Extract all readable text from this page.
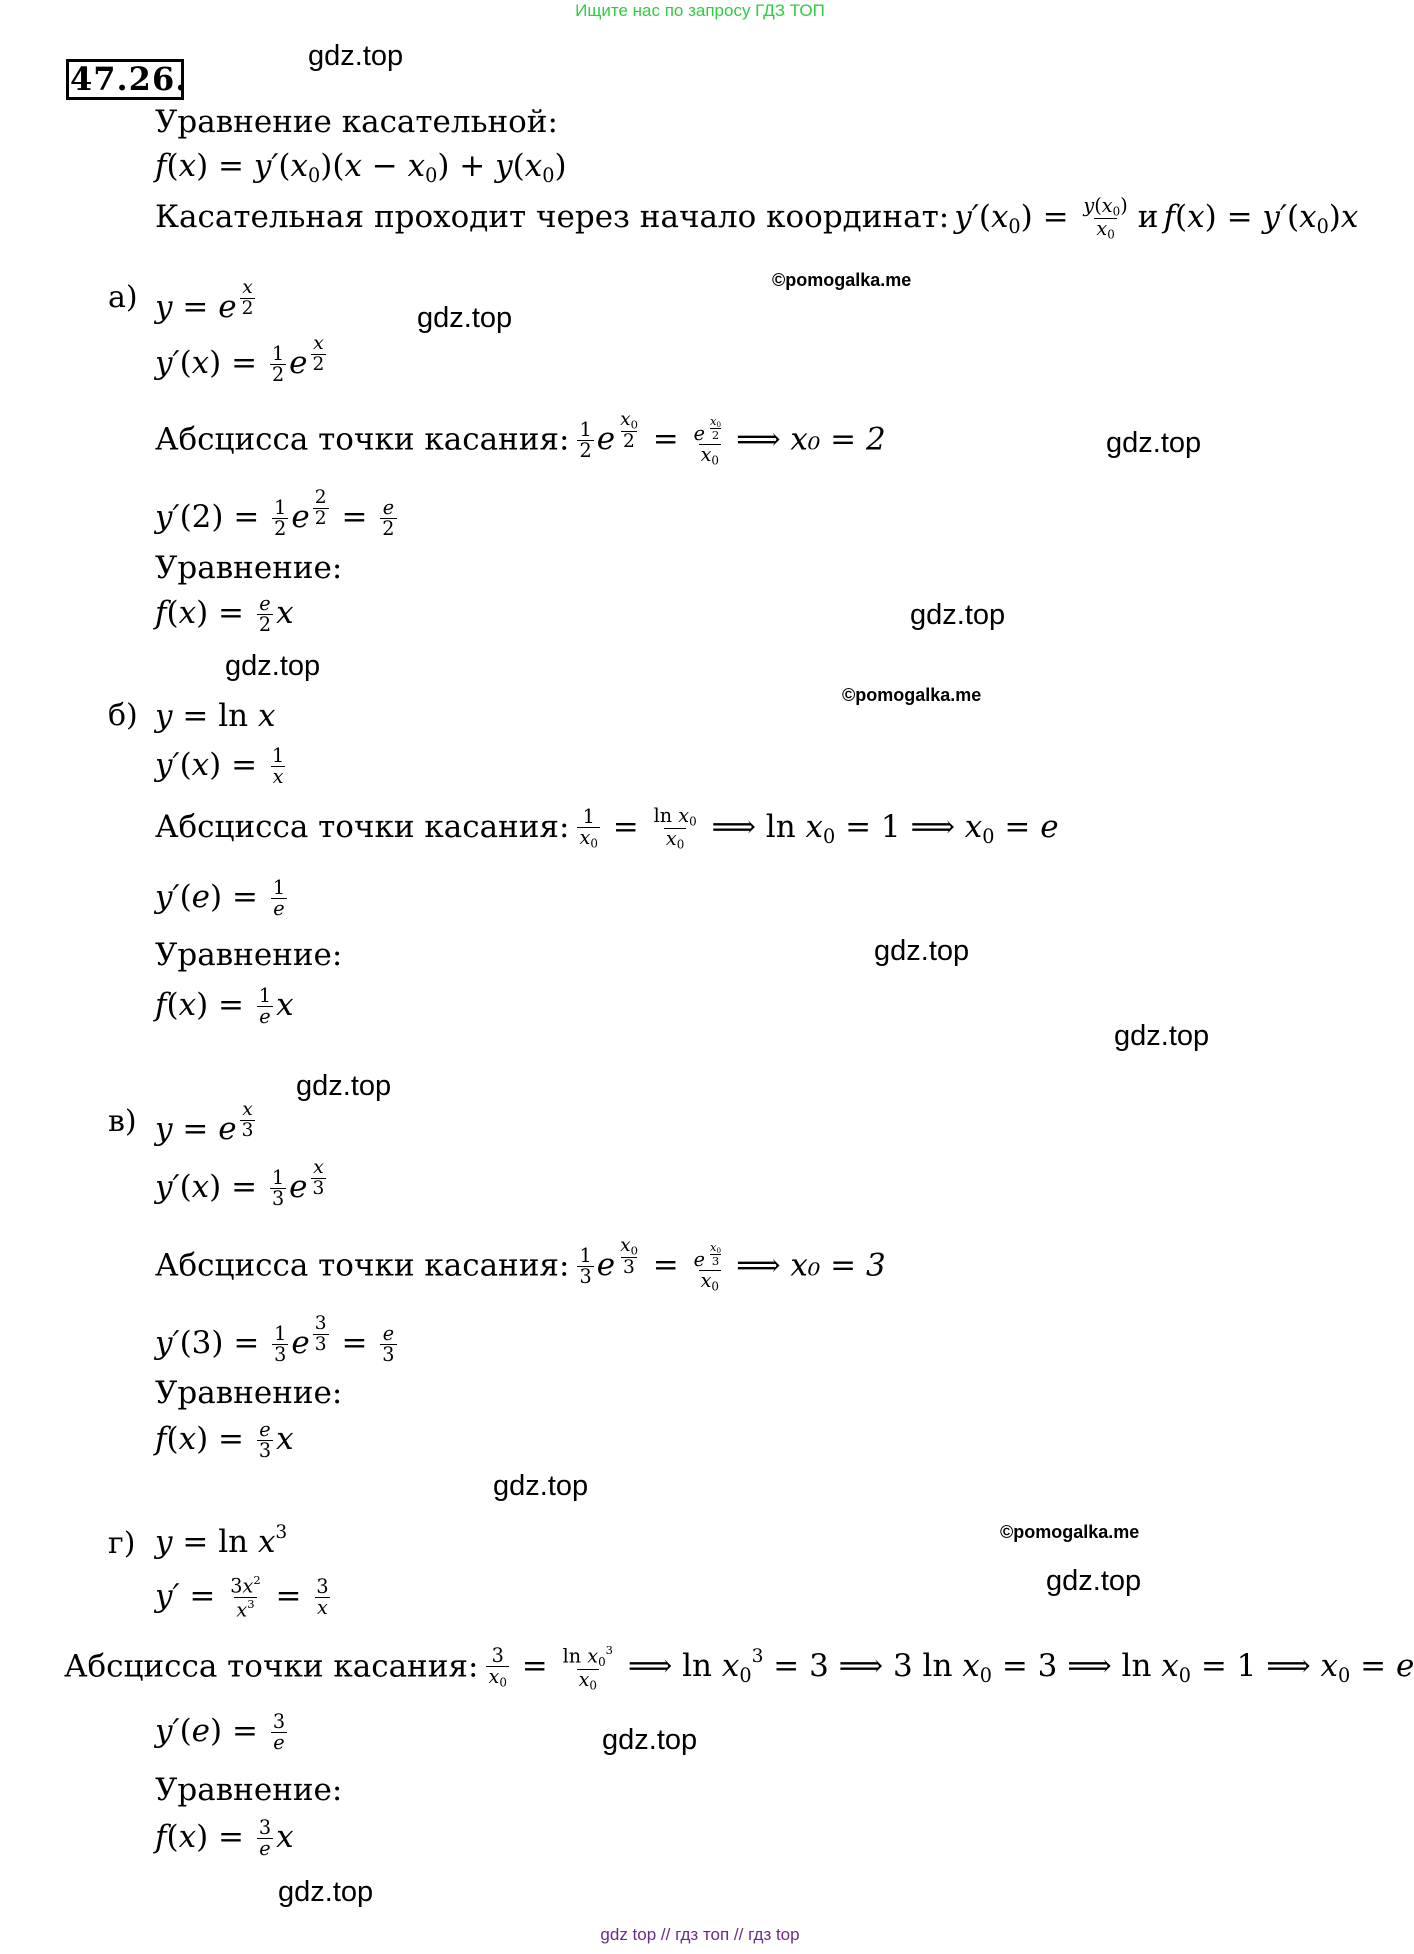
Ищите нас по запросу ГДЗ ТОП
47.26.
gdz.top
Уравнение касательной:
$f(x) = y'(x_0)(x - x_0) + y(x_0)$
Касательная проходит через начало координат: $y'(x_0) = \frac{y(x_0)}{x_0}$ и $f(x) = y'(x_0)x$
©pomogalka.me
а) y = e $^{\frac{x}{2}}$	gdz.top
$y'(x) = \frac{1}{2}$ e $^{\frac{x}{2}}$
Абсцисса точки касания: $\frac{1}{2}$ e $^{\frac{x_0}{2}}$ = e $^{\frac{x_0}{2}}$
$x_0$ ⟹ x₀ = 2	gdz.top
$y'(2) = \frac{1}{2}$ e $^{\frac{2}{2}} = \frac{e}{2}$
Уравнение:
$f(x) = \frac{e}{2}$ x	gdz.top
gdz.top
©pomogalka.me
б) y = ln x
$y'(x) = \frac{1}{x}$
Абсцисса точки касания: $\frac{1}{x_0} = \frac{\ln x_0}{x_0}$ ⟹ $\ln x_0 = 1$ ⟹ $x_0 = e$
$y'(e) = \frac{1}{e}$
Уравнение:	gdz.top
$f(x) = \frac{1}{e}$ x
gdz.top
gdz.top
в) y = e $^{\frac{x}{3}}$
$y'(x) = \frac{1}{3}$ e $^{\frac{x}{3}}$
Абсцисса точки касания: $\frac{1}{3}$ e $^{\frac{x_0}{3}}$ = e $^{\frac{x_0}{3}}$
$x_0$ ⟹ x₀ = 3
$y'(3) = \frac{1}{3}$ e $^{\frac{3}{3}} = \frac{e}{3}$
Уравнение:
$f(x) = \frac{e}{3}$ x
gdz.top
©pomogalka.me
г) $y = \ln x^3$
gdz.top
$y' = \frac{3x^2}{x^3} = \frac{3}{x}$
Абсцисса точки касания: $\frac{3}{x_0} = \frac{\ln x_0^3}{x_0}$ ⟹ $\ln x_0^3 = 3$ ⟹ 3 $\ln x_0 = 3$ ⟹ $\ln x_0 = 1$ ⟹ $x_0 = e$
$y'(e) = \frac{3}{e}$	gdz.top
Уравнение:
$f(x) = \frac{3}{e}$ x
gdz.top
gdz top // гдз топ // гдз top
